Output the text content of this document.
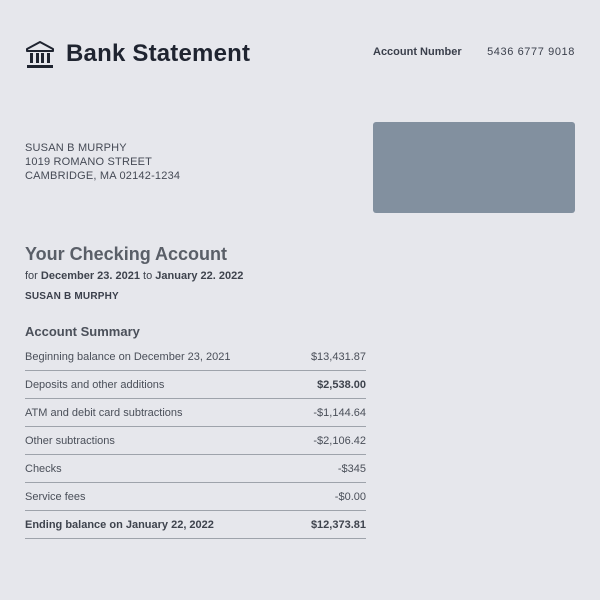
Bank Statement	Account Number 5436 6777 9018
SUSAN B MURPHY
1019 ROMANO STREET
CAMBRIDGE, MA 02142-1234
Your Checking Account
for December 23. 2021 to January 22. 2022
SUSAN B MURPHY
Account Summary
Beginning balance on December 23, 2021	$13,431.87
Deposits and other additions	$2,538.00
ATM and debit card subtractions	-$1,144.64
Other subtractions	-$2,106.42
Checks	-$345
Service fees	-$0.00
Ending balance on January 22, 2022	$12,373.81
